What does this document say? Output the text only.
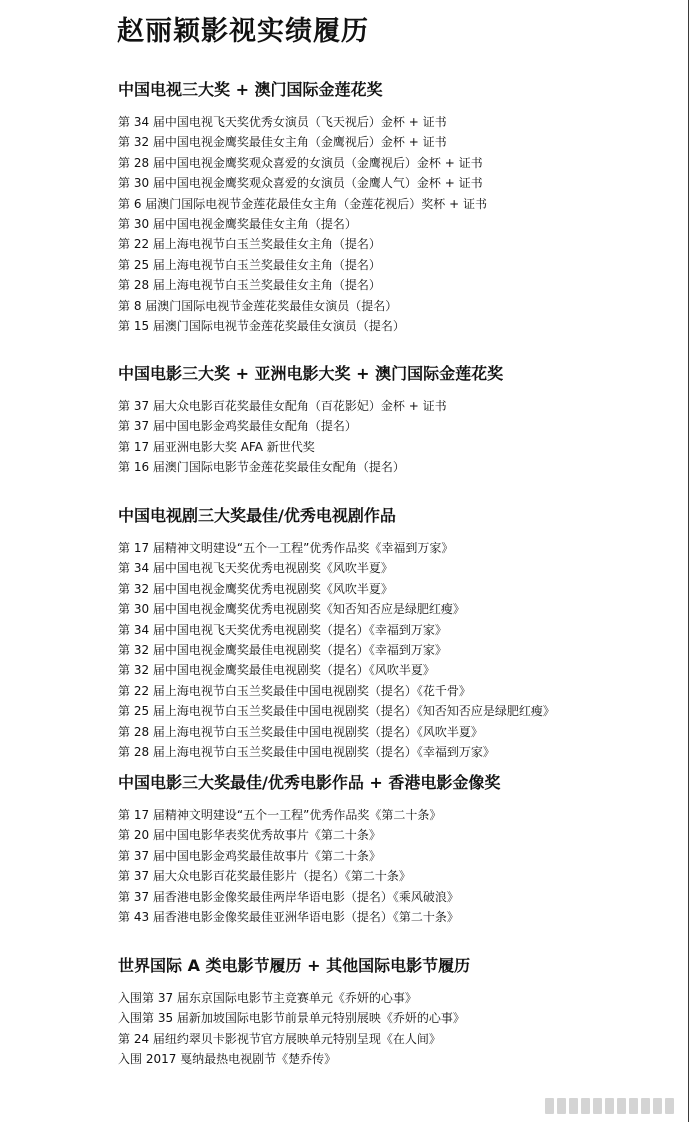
赵丽颖影视实绩履历
中国电视三大奖 + 澳门国际金莲花奖
第 34 届中国电视飞天奖优秀女演员（飞天视后）金杯 + 证书
第 32 届中国电视金鹰奖最佳女主角（金鹰视后）金杯 + 证书
第 28 届中国电视金鹰奖观众喜爱的女演员（金鹰视后）金杯 + 证书
第 30 届中国电视金鹰奖观众喜爱的女演员（金鹰人气）金杯 + 证书
第 6 届澳门国际电视节金莲花最佳女主角（金莲花视后）奖杯 + 证书
第 30 届中国电视金鹰奖最佳女主角（提名）
第 22 届上海电视节白玉兰奖最佳女主角（提名）
第 25 届上海电视节白玉兰奖最佳女主角（提名）
第 28 届上海电视节白玉兰奖最佳女主角（提名）
第 8 届澳门国际电视节金莲花奖最佳女演员（提名）
第 15 届澳门国际电视节金莲花奖最佳女演员（提名）
中国电影三大奖 + 亚洲电影大奖 + 澳门国际金莲花奖
第 37 届大众电影百花奖最佳女配角（百花影妃）金杯 + 证书
第 37 届中国电影金鸡奖最佳女配角（提名）
第 17 届亚洲电影大奖 AFA 新世代奖
第 16 届澳门国际电影节金莲花奖最佳女配角（提名）
中国电视剧三大奖最佳/优秀电视剧作品
第 17 届精神文明建设“五个一工程”优秀作品奖《幸福到万家》
第 34 届中国电视飞天奖优秀电视剧奖《风吹半夏》
第 32 届中国电视金鹰奖优秀电视剧奖《风吹半夏》
第 30 届中国电视金鹰奖优秀电视剧奖《知否知否应是绿肥红瘦》
第 34 届中国电视飞天奖优秀电视剧奖（提名）《幸福到万家》
第 32 届中国电视金鹰奖最佳电视剧奖（提名）《幸福到万家》
第 32 届中国电视金鹰奖最佳电视剧奖（提名）《风吹半夏》
第 22 届上海电视节白玉兰奖最佳中国电视剧奖（提名）《花千骨》
第 25 届上海电视节白玉兰奖最佳中国电视剧奖（提名）《知否知否应是绿肥红瘦》
第 28 届上海电视节白玉兰奖最佳中国电视剧奖（提名）《风吹半夏》
第 28 届上海电视节白玉兰奖最佳中国电视剧奖（提名）《幸福到万家》
中国电影三大奖最佳/优秀电影作品 + 香港电影金像奖
第 17 届精神文明建设“五个一工程”优秀作品奖《第二十条》
第 20 届中国电影华表奖优秀故事片《第二十条》
第 37 届中国电影金鸡奖最佳故事片《第二十条》
第 37 届大众电影百花奖最佳影片（提名）《第二十条》
第 37 届香港电影金像奖最佳两岸华语电影（提名）《乘风破浪》
第 43 届香港电影金像奖最佳亚洲华语电影（提名）《第二十条》
世界国际 A 类电影节履历 + 其他国际电影节履历
入围第 37 届东京国际电影节主竞赛单元《乔妍的心事》
入围第 35 届新加坡国际电影节前景单元特别展映《乔妍的心事》
第 24 届纽约翠贝卡影视节官方展映单元特别呈现《在人间》
入围 2017 戛纳最热电视剧节《楚乔传》
